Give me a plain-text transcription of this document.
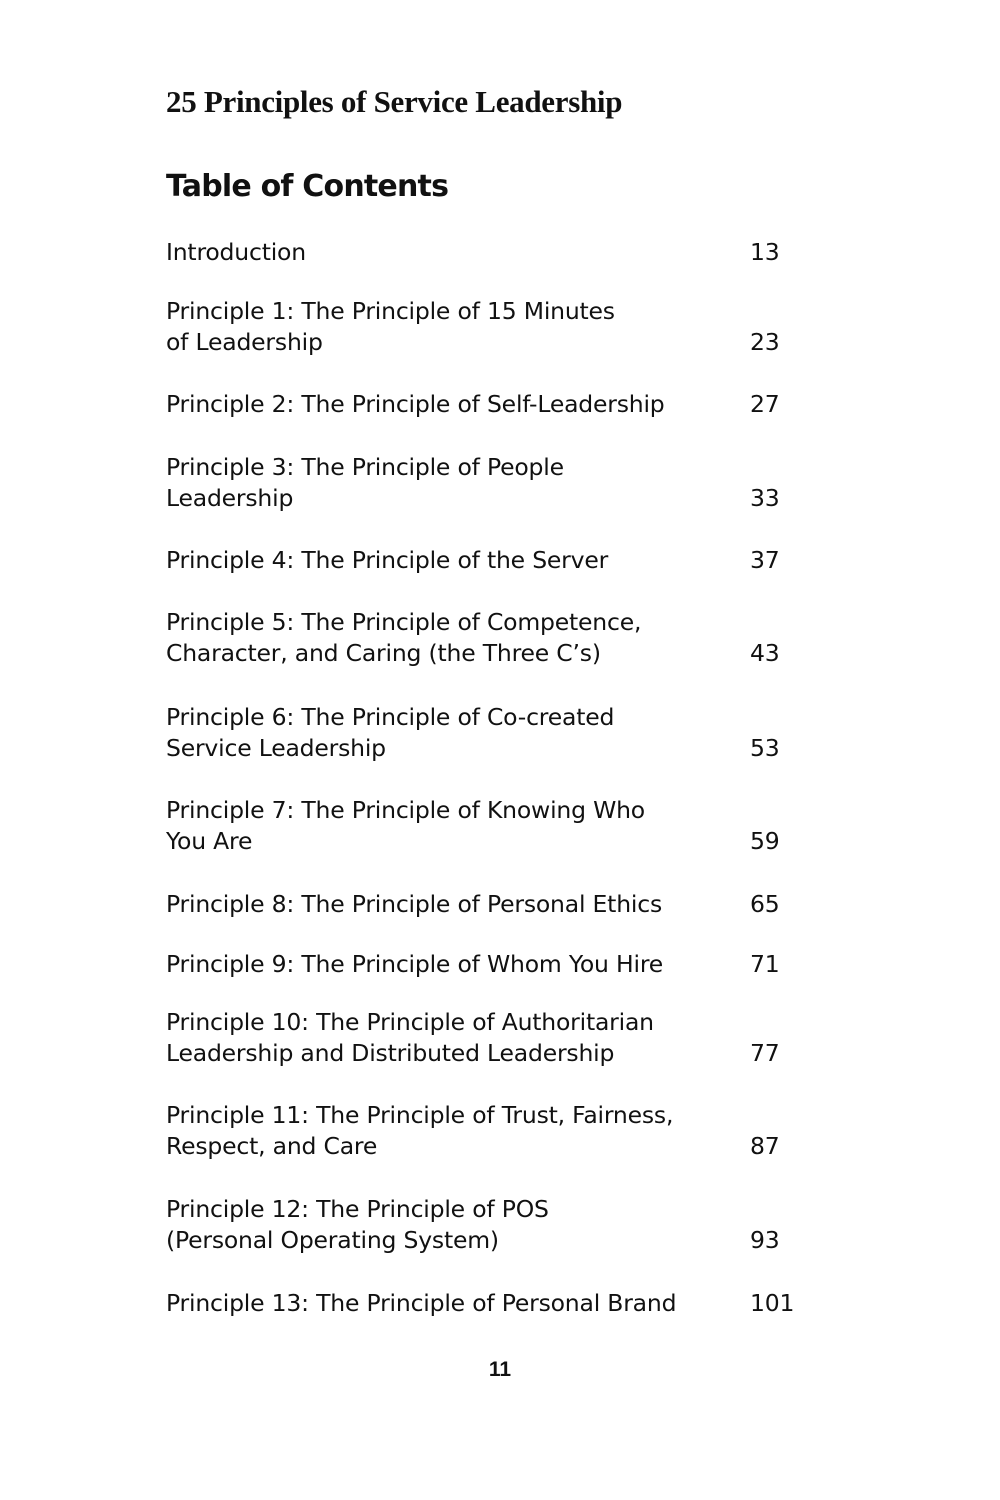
25 Principles of Service Leadership
Table of Contents
Introduction	13
Principle 1: The Principle of 15 Minutes
of Leadership	23
Principle 2: The Principle of Self-Leadership	27
Principle 3: The Principle of People
Leadership	33
Principle 4: The Principle of the Server	37
Principle 5: The Principle of Competence,
Character, and Caring (the Three C’s)	43
Principle 6: The Principle of Co-created
Service Leadership	53
Principle 7: The Principle of Knowing Who
You Are	59
Principle 8: The Principle of Personal Ethics	65
Principle 9: The Principle of Whom You Hire	71
Principle 10: The Principle of Authoritarian
Leadership and Distributed Leadership	77
Principle 11: The Principle of Trust, Fairness,
Respect, and Care	87
Principle 12: The Principle of POS
(Personal Operating System)	93
Principle 13: The Principle of Personal Brand	101
11
